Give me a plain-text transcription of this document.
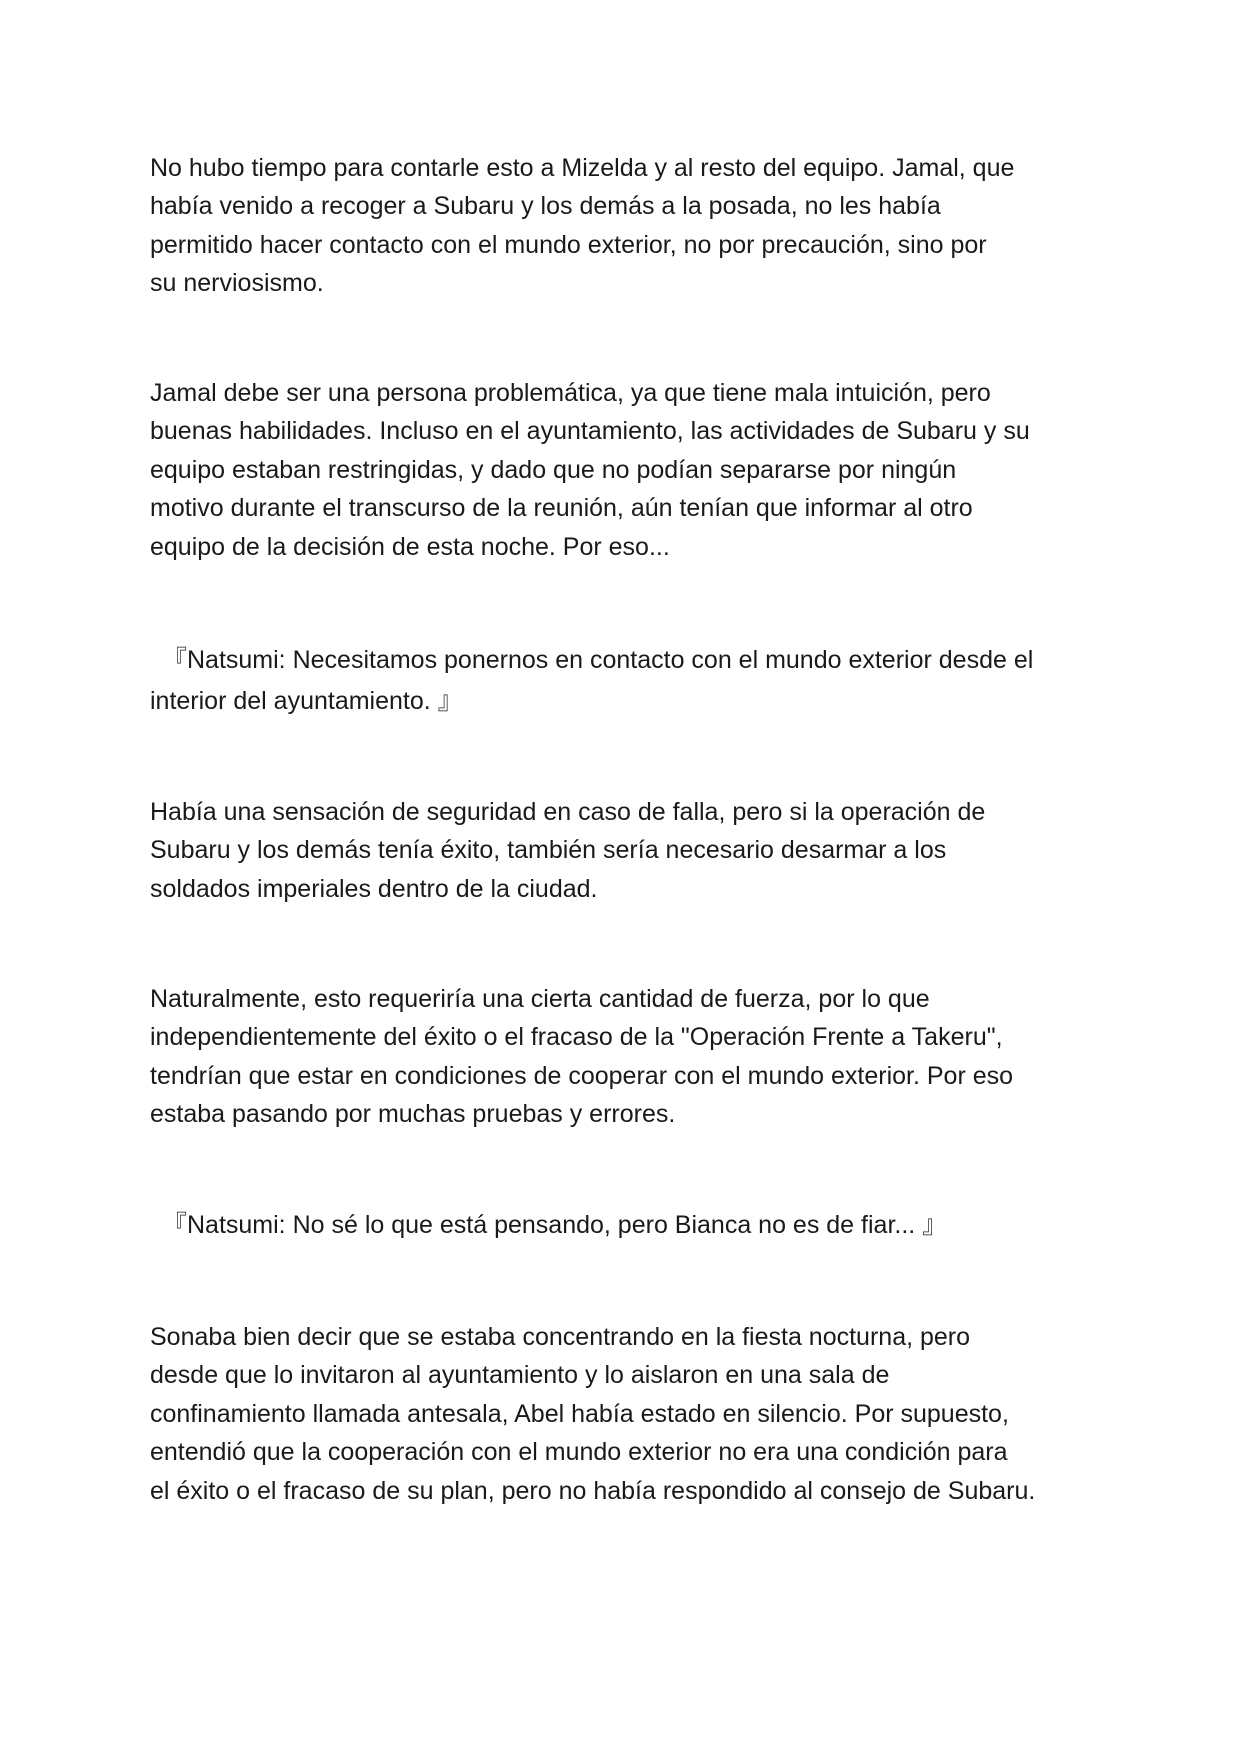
No hubo tiempo para contarle esto a Mizelda y al resto del equipo. Jamal, que
había venido a recoger a Subaru y los demás a la posada, no les había
permitido hacer contacto con el mundo exterior, no por precaución, sino por
su nerviosismo.

Jamal debe ser una persona problemática, ya que tiene mala intuición, pero
buenas habilidades. Incluso en el ayuntamiento, las actividades de Subaru y su
equipo estaban restringidas, y dado que no podían separarse por ningún
motivo durante el transcurso de la reunión, aún tenían que informar al otro
equipo de la decisión de esta noche. Por eso...

『Natsumi: Necesitamos ponernos en contacto con el mundo exterior desde el
interior del ayuntamiento. 』

Había una sensación de seguridad en caso de falla, pero si la operación de
Subaru y los demás tenía éxito, también sería necesario desarmar a los
soldados imperiales dentro de la ciudad.

Naturalmente, esto requeriría una cierta cantidad de fuerza, por lo que
independientemente del éxito o el fracaso de la "Operación Frente a Takeru",
tendrían que estar en condiciones de cooperar con el mundo exterior. Por eso
estaba pasando por muchas pruebas y errores.

『Natsumi: No sé lo que está pensando, pero Bianca no es de fiar... 』

Sonaba bien decir que se estaba concentrando en la fiesta nocturna, pero
desde que lo invitaron al ayuntamiento y lo aislaron en una sala de
confinamiento llamada antesala, Abel había estado en silencio. Por supuesto,
entendió que la cooperación con el mundo exterior no era una condición para
el éxito o el fracaso de su plan, pero no había respondido al consejo de Subaru.
